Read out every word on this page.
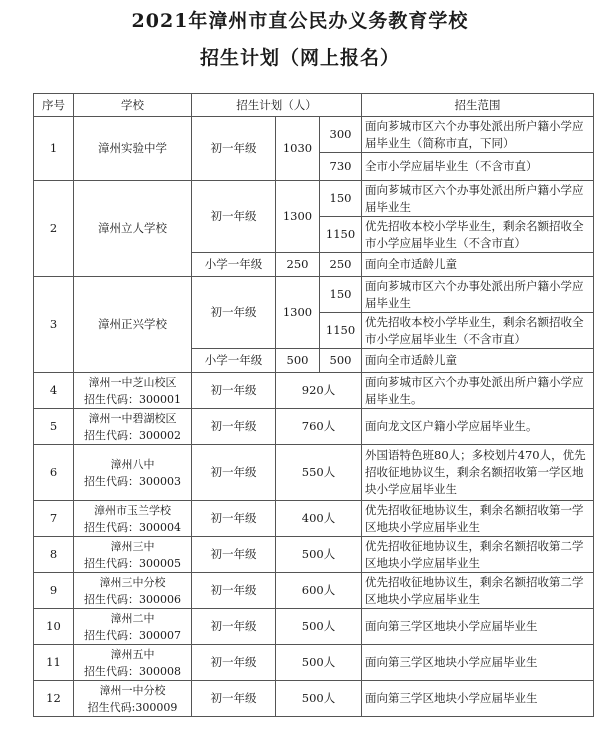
2021年漳州市直公民办义务教育学校
招生计划（网上报名）
序号	学校	招生计划（人）			招生范围
1	漳州实验中学	初一年级	1030	300	面向芗城市区六个办事处派出所户籍小学应届毕业生（简称市直，下同）
				730	全市小学应届毕业生（不含市直）
2	漳州立人学校	初一年级	1300	150	面向芗城市区六个办事处派出所户籍小学应届毕业生
				1150	优先招收本校小学毕业生，剩余名额招收全市小学应届毕业生（不含市直）
		小学一年级	250	250	面向全市适龄儿童
3	漳州正兴学校	初一年级	1300	150	面向芗城市区六个办事处派出所户籍小学应届毕业生
				1150	优先招收本校小学毕业生，剩余名额招收全市小学应届毕业生（不含市直）
		小学一年级	500	500	面向全市适龄儿童
4	漳州一中芝山校区
招生代码：300001	初一年级	920人		面向芗城市区六个办事处派出所户籍小学应届毕业生。
5	漳州一中碧湖校区
招生代码：300002	初一年级	760人		面向龙文区户籍小学应届毕业生。
6	漳州八中
招生代码：300003	初一年级	550人		外国语特色班80人；多校划片470人，优先招收征地协议生，剩余名额招收第一学区地块小学应届毕业生
7	漳州市玉兰学校
招生代码：300004	初一年级	400人		优先招收征地协议生，剩余名额招收第一学区地块小学应届毕业生
8	漳州三中
招生代码：300005	初一年级	500人		优先招收征地协议生，剩余名额招收第二学区地块小学应届毕业生
9	漳州三中分校
招生代码：300006	初一年级	600人		优先招收征地协议生，剩余名额招收第二学区地块小学应届毕业生
10	漳州二中
招生代码：300007	初一年级	500人		面向第三学区地块小学应届毕业生
11	漳州五中
招生代码：300008	初一年级	500人		面向第三学区地块小学应届毕业生
12	漳州一中分校
招生代码:300009	初一年级	500人		面向第三学区地块小学应届毕业生
